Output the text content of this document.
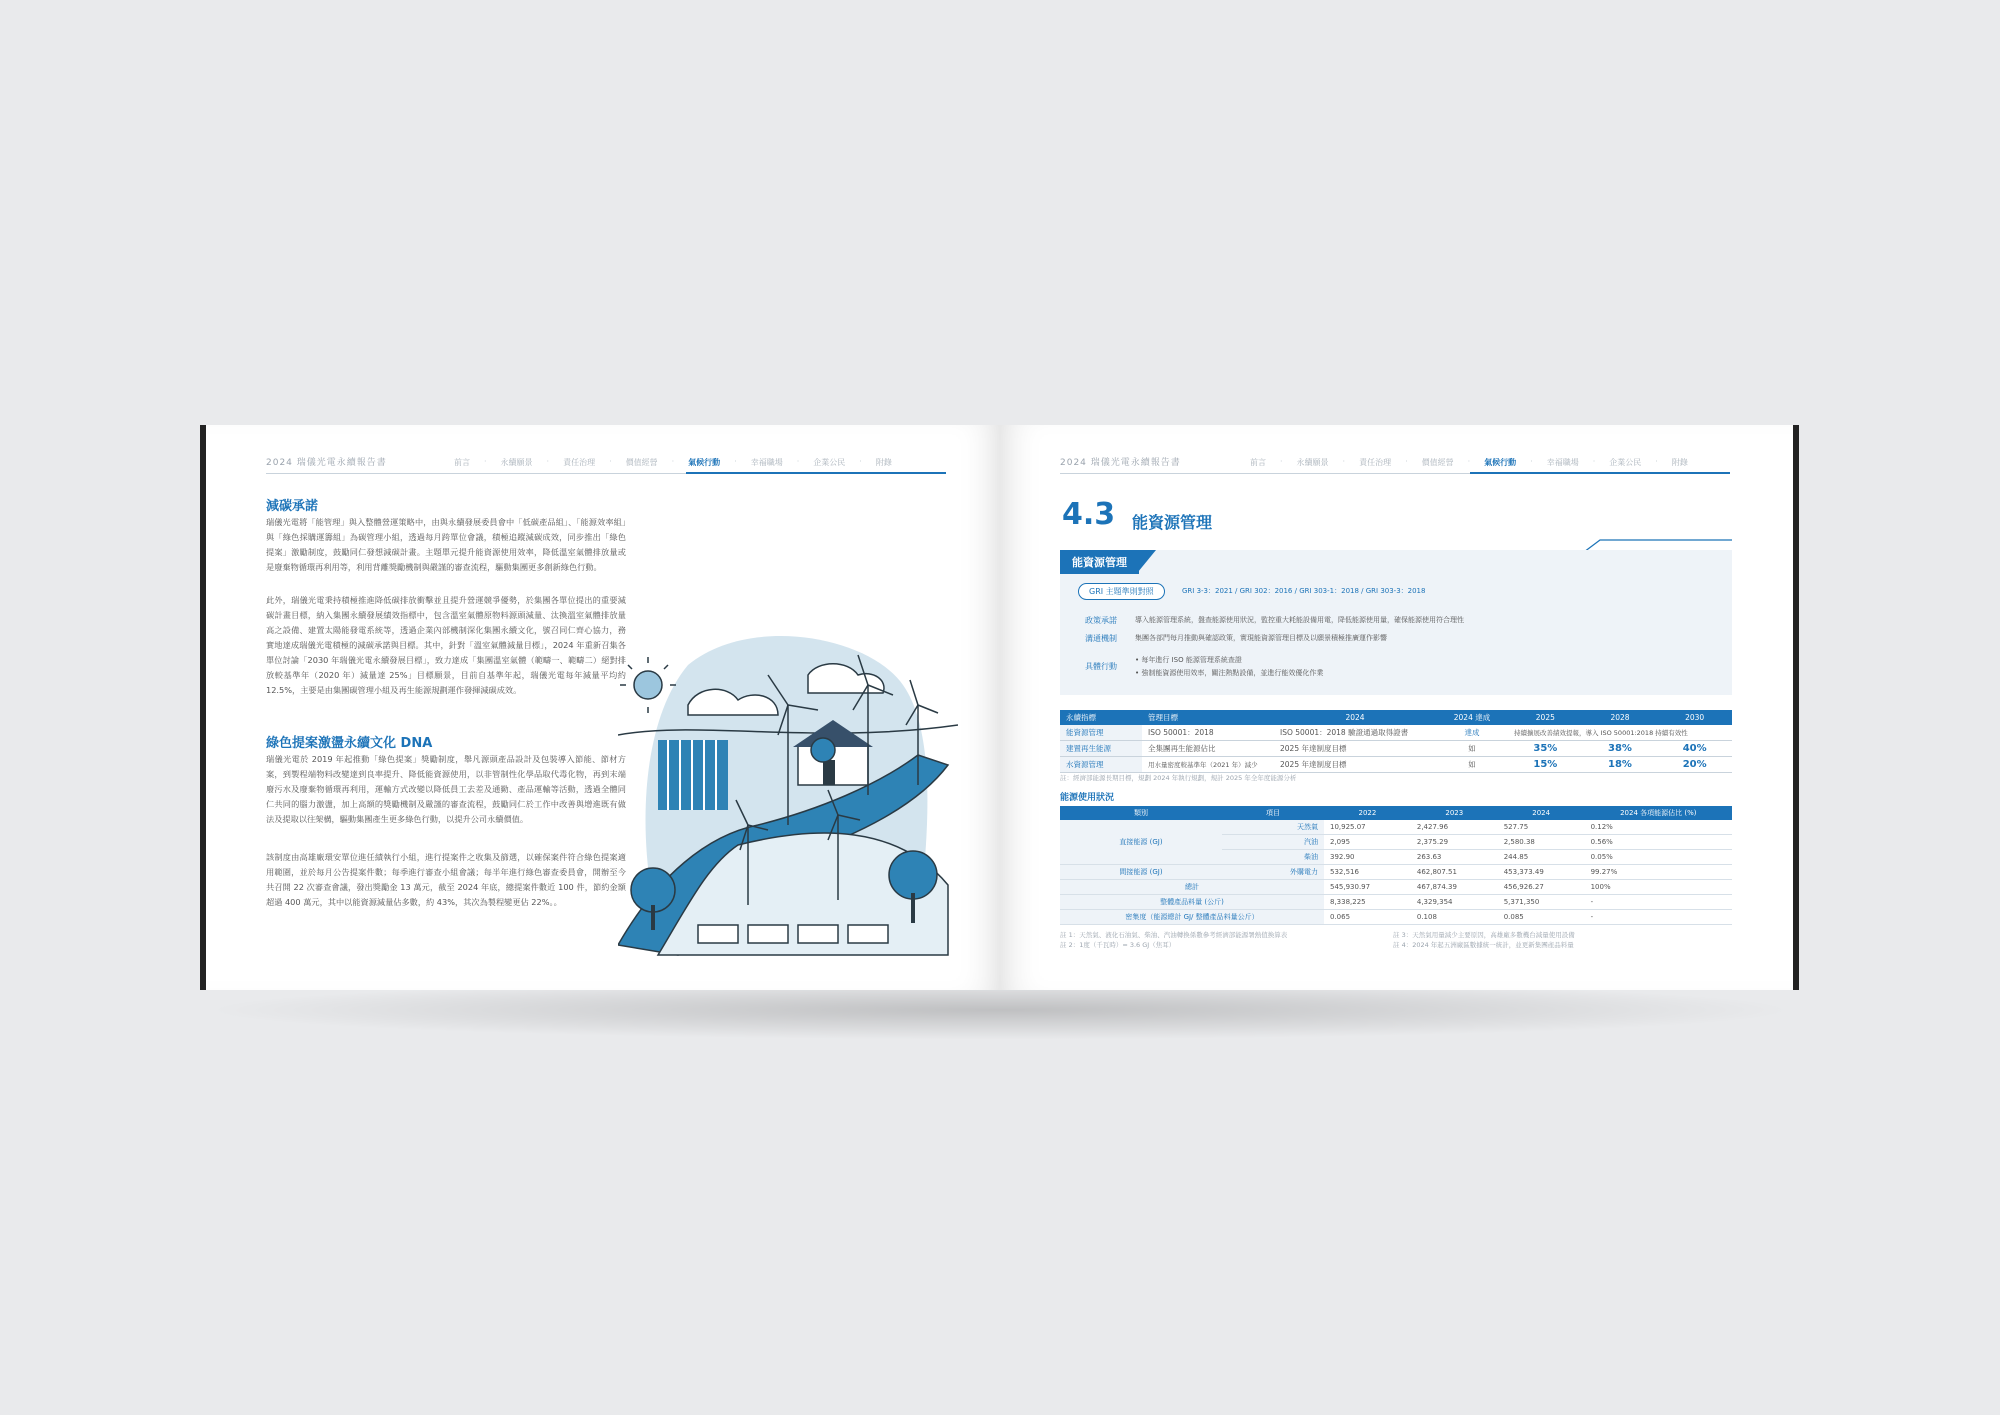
2024 瑞儀光電永續報告書	前言 · 永續願景 · 責任治理 · 價值經營 · 氣候行動 · 幸福職場 · 企業公民 · 附錄
減碳承諾
瑞儀光電將「能管理」與入整體營運策略中，由與永續發展委員會中「低碳產品組」、「能源效率組」與「綠色採購運籌組」為碳管理小組，透過每月跨單位會議，積極追蹤減碳成效，同步推出「綠色提案」激勵制度，鼓勵同仁發想減碳計畫。主題單元提升能資源使用效率，降低溫室氣體排放量或是廢棄物循環再利用等，利用背離獎勵機制與嚴謹的審查流程，驅動集團更多創新綠色行動。
此外，瑞儀光電秉持積極推進降低碳排放衝擊並且提升營運競爭優勢，於集團各單位提出的重要減碳計畫目標，納入集團永續發展績效指標中，包含溫室氣體原物料源頭減量、汰換溫室氣體排放量高之設備、建置太陽能發電系統等，透過企業內部機制深化集團永續文化，號召同仁齊心協力，務實地達成瑞儀光電積極的減碳承諾與目標。其中，針對「溫室氣體減量目標」，2024 年重新召集各單位討論「2030 年瑞儀光電永續發展目標」，致力達成「集團溫室氣體（範疇一、範疇二）絕對排放較基準年（2020 年）減量達 25%」目標願景，目前自基準年起，瑞儀光電每年減量平均約 12.5%，主要是由集團碳管理小組及再生能源規劃運作發揮減碳成效。
綠色提案激盪永續文化 DNA
瑞儀光電於 2019 年起推動「綠色提案」獎勵制度，舉凡源頭產品設計及包裝導入節能、節材方案，到製程端物料改變達到良率提升、降低能資源使用，以非管制性化學品取代毒化物，再到末端廢污水及廢棄物循環再利用，運輸方式改變以降低員工去差及通勤、產品運輸等活動，透過全體同仁共同的腦力激盪，加上高額的獎勵機制及嚴謹的審查流程，鼓勵同仁於工作中改善與增進既有做法及提取以往架構，驅動集團產生更多綠色行動，以提升公司永續價值。
該制度由高雄廠環安單位進任績執行小組，進行提案件之收集及篩選，以確保案件符合綠色提案適用範圍，並於每月公告提案件數；每季進行審查小組會議；每半年進行綠色審查委員會，開辦至今共召開 22 次審查會議，發出獎勵金 13 萬元，截至 2024 年底，總提案件數近 100 件，節約金額超過 400 萬元，其中以能資源減量佔多數，約 43%，其次為製程變更佔 22%。。
2024 瑞儀光電永續報告書	前言 · 永續願景 · 責任治理 · 價值經營 · 氣候行動 · 幸福職場 · 企業公民 · 附錄
4.3 能資源管理
能資源管理
GRI 主題準則對照	GRI 3-3：2021 / GRI 302：2016 / GRI 303-1：2018 / GRI 303-3：2018
政策承諾	導入能源管理系統，盤查能源使用狀況，監控重大耗能設備用電，降低能源使用量，確保能源使用符合理性
溝通機制	集團各部門每月推動與確認政策，實現能資源管理目標及以願景積極推廣運作影響
具體行動
• 每年進行 ISO 能源管理系統查證
• 強制能資源使用效率，關注熱點設備，並進行能效優化作業
永續指標	管理目標	2024	2024 達成	2025	2028	2030
能資源管理	ISO 50001：2018	ISO 50001：2018 驗證通過取得證書	達成	持續擴展改善績效提報，導入 ISO 50001:2018 持續有效性		
建置再生能源	全集團再生能源佔比	2025 年達制度目標	如	35%	38%	40%
水資源管理	用水量密度較基準年（2021 年）減少	2025 年達制度目標	如	15%	18%	20%
註：經濟部能源長期目標，規劃 2024 年執行規劃，規計 2025 年全年度能源分析
能源使用狀況
類別	項目	2022	2023	2024	2024 各項能源佔比 (%)
直接能源 (GJ)	天然氣	10,925.07	2,427.96	527.75	0.12%
	汽油	2,095	2,375.29	2,580.38	0.56%
	柴油	392.90	263.63	244.85	0.05%
間接能源 (GJ)	外購電力	532,516	462,807.51	453,373.49	99.27%
總計		545,930.97	467,874.39	456,926.27	100%
整體產品料量 (公斤)		8,338,225	4,329,354	5,371,350	-
密集度（能源總計 GJ/ 整體產品料量公斤）		0.065	0.108	0.085	-
註 1：天然氣、液化石油氣、柴油、汽油轉換係數參考經濟部能源署熱值換算表
註 2：1度（千瓦時）= 3.6 GJ（焦耳）
註 3：天然氣用量減少主要原因，高雄廠多數機台減量使用設備
註 4：2024 年起五洲廠區數據統一統計，並更新集團產品料量
